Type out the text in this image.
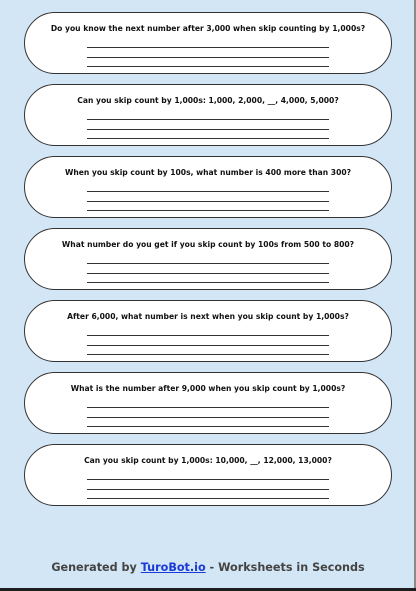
Do you know the next number after 3,000 when skip counting by 1,000s?
Can you skip count by 1,000s: 1,000, 2,000, __, 4,000, 5,000?
When you skip count by 100s, what number is 400 more than 300?
What number do you get if you skip count by 100s from 500 to 800?
After 6,000, what number is next when you skip count by 1,000s?
What is the number after 9,000 when you skip count by 1,000s?
Can you skip count by 1,000s: 10,000, __, 12,000, 13,000?
Generated by TuroBot.io - Worksheets in Seconds
